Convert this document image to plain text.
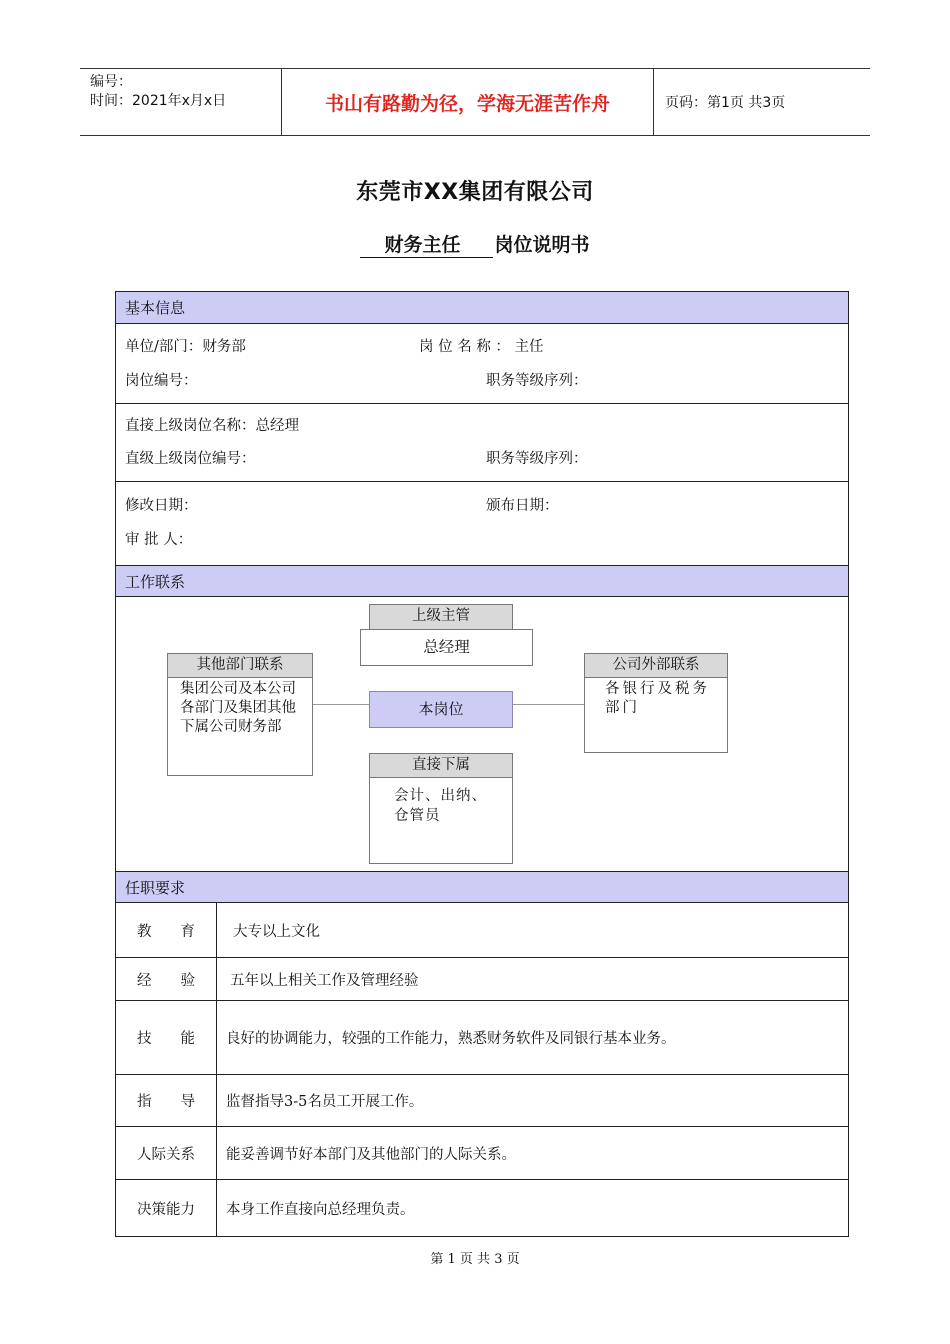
编号：
时间：2021年x月x日	书山有路勤为径，学海无涯苦作舟	页码：第1页 共3页
东莞市XX集团有限公司
财务主任 岗位说明书
基本信息
单位/部门：财务部	岗 位 名 称 ： 主任
岗位编号：	职务等级序列：
直接上级岗位名称：总经理
直级上级岗位编号：	职务等级序列：
修改日期：	颁布日期：
审 批 人：
工作联系
上级主管
总经理
其他部门联系
集团公司及本公司各部门及集团其他下属公司财务部
本岗位
公司外部联系
各银行及税务部门
直接下属
会计、出纳、仓管员
任职要求
教　　育	大专以上文化
经　　验	五年以上相关工作及管理经验
技　　能	良好的协调能力，较强的工作能力，熟悉财务软件及同银行基本业务。
指　　导	监督指导3-5名员工开展工作。
人际关系	能妥善调节好本部门及其他部门的人际关系。
决策能力	本身工作直接向总经理负责。
第 1 页 共 3 页
